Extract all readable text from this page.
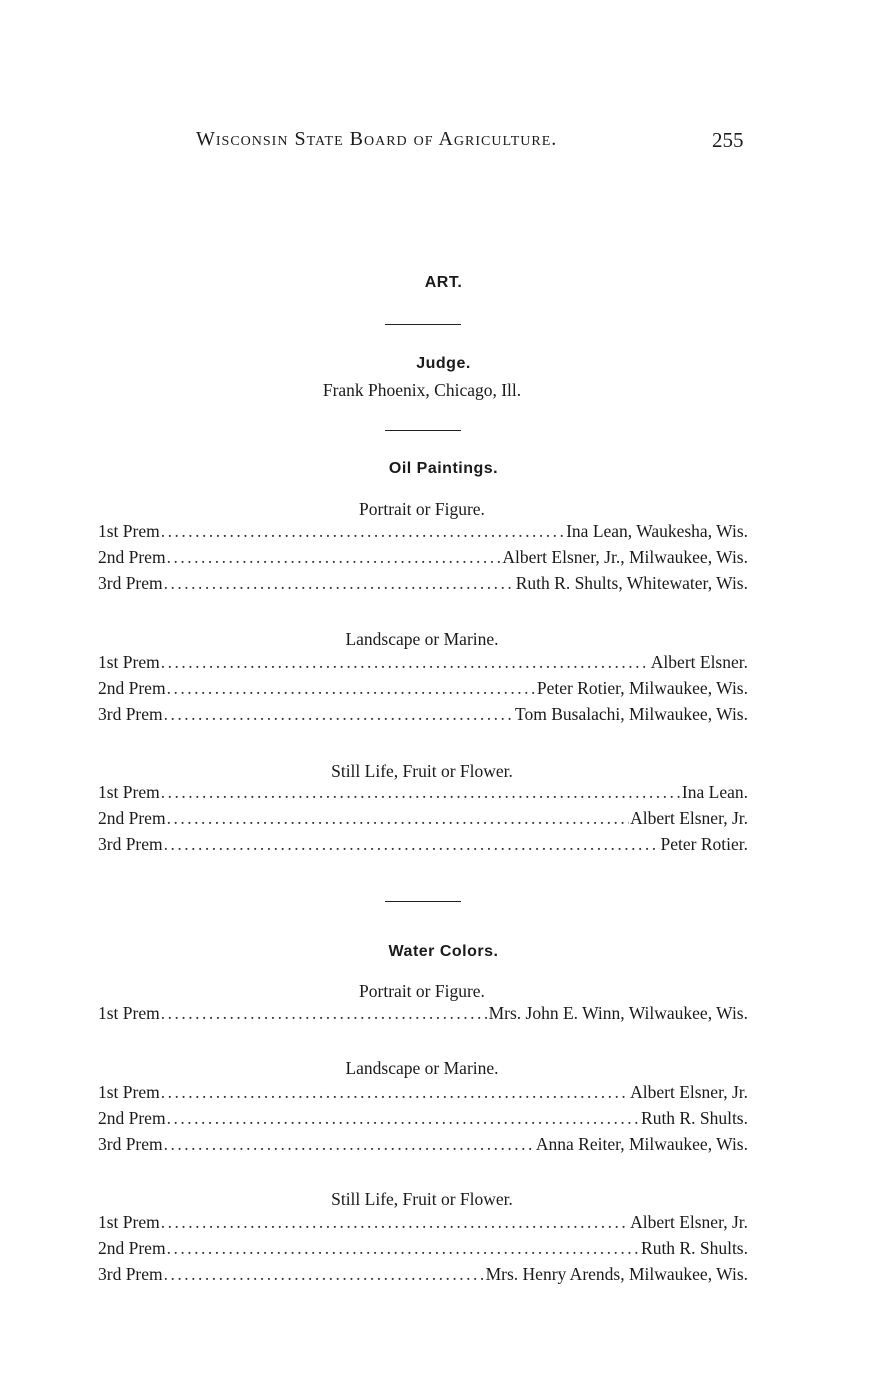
Wisconsin State Board of Agriculture.	255
ART.
Judge.
Frank Phoenix, Chicago, Ill.
Oil Paintings.
Portrait or Figure.
1st Prem .....	Ina Lean, Waukesha, Wis.
2nd Prem .....	Albert Elsner, Jr., Milwaukee, Wis.
3rd Prem .....	Ruth R. Shults, Whitewater, Wis.
Landscape or Marine.
1st Prem .....	Albert Elsner.
2nd Prem .....	Peter Rotier, Milwaukee, Wis.
3rd Prem .....	Tom Busalachi, Milwaukee, Wis.
Still Life, Fruit or Flower.
1st Prem .....	Ina Lean.
2nd Prem .....	Albert Elsner, Jr.
3rd Prem .....	Peter Rotier.
Water Colors.
Portrait or Figure.
1st Prem .....	Mrs. John E. Winn, Wilwaukee, Wis.
Landscape or Marine.
1st Prem .....	Albert Elsner, Jr.
2nd Prem .....	Ruth R. Shults.
3rd Prem .....	Anna Reiter, Milwaukee, Wis.
Still Life, Fruit or Flower.
1st Prem .....	Albert Elsner, Jr.
2nd Prem .....	Ruth R. Shults.
3rd Prem .....	Mrs. Henry Arends, Milwaukee, Wis.
